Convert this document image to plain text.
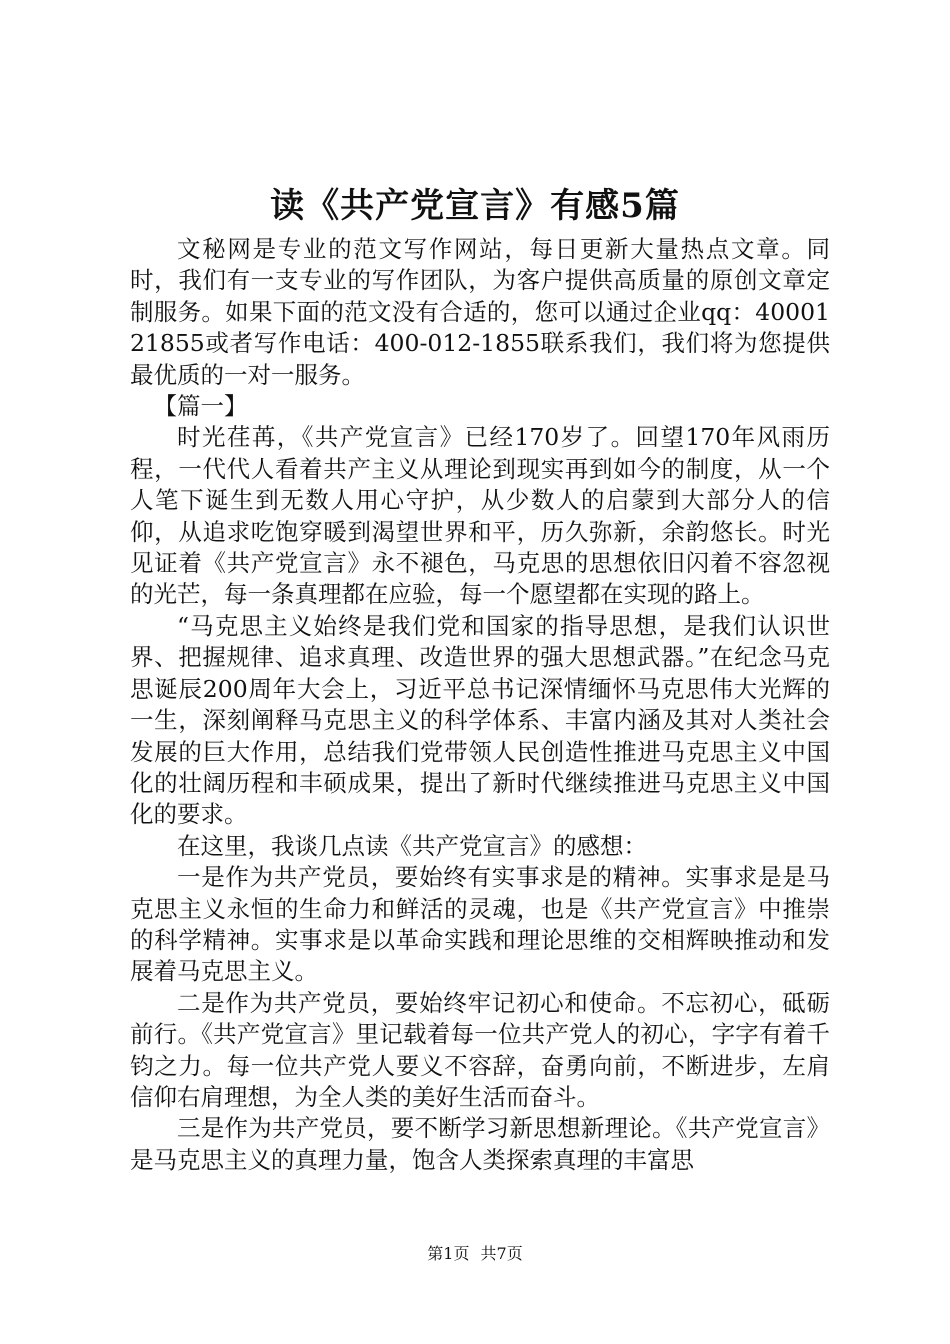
读《共产党宣言》有感5篇

文秘网是专业的范文写作网站，每日更新大量热点文章。同时，我们有一支专业的写作团队，为客户提供高质量的原创文章定制服务。如果下面的范文没有合适的，您可以通过企业qq：4000121855或者写作电话：400-012-1855联系我们，我们将为您提供最优质的一对一服务。

【篇一】

时光荏苒，《共产党宣言》已经170岁了。回望170年风雨历程，一代代人看着共产主义从理论到现实再到如今的制度，从一个人笔下诞生到无数人用心守护，从少数人的启蒙到大部分人的信仰，从追求吃饱穿暖到渴望世界和平，历久弥新，余韵悠长。时光见证着《共产党宣言》永不褪色，马克思的思想依旧闪着不容忽视的光芒，每一条真理都在应验，每一个愿望都在实现的路上。

“马克思主义始终是我们党和国家的指导思想，是我们认识世界、把握规律、追求真理、改造世界的强大思想武器。”在纪念马克思诞辰200周年大会上，习近平总书记深情缅怀马克思伟大光辉的一生，深刻阐释马克思主义的科学体系、丰富内涵及其对人类社会发展的巨大作用，总结我们党带领人民创造性推进马克思主义中国化的壮阔历程和丰硕成果，提出了新时代继续推进马克思主义中国化的要求。

在这里，我谈几点读《共产党宣言》的感想：

一是作为共产党员，要始终有实事求是的精神。实事求是是马克思主义永恒的生命力和鲜活的灵魂，也是《共产党宣言》中推崇的科学精神。实事求是以革命实践和理论思维的交相辉映推动和发展着马克思主义。

二是作为共产党员，要始终牢记初心和使命。不忘初心，砥砺前行。《共产党宣言》里记载着每一位共产党人的初心，字字有着千钧之力。每一位共产党人要义不容辞，奋勇向前，不断进步，左肩信仰右肩理想，为全人类的美好生活而奋斗。

三是作为共产党员，要不断学习新思想新理论。《共产党宣言》是马克思主义的真理力量，饱含人类探索真理的丰富思

第1页 共7页
